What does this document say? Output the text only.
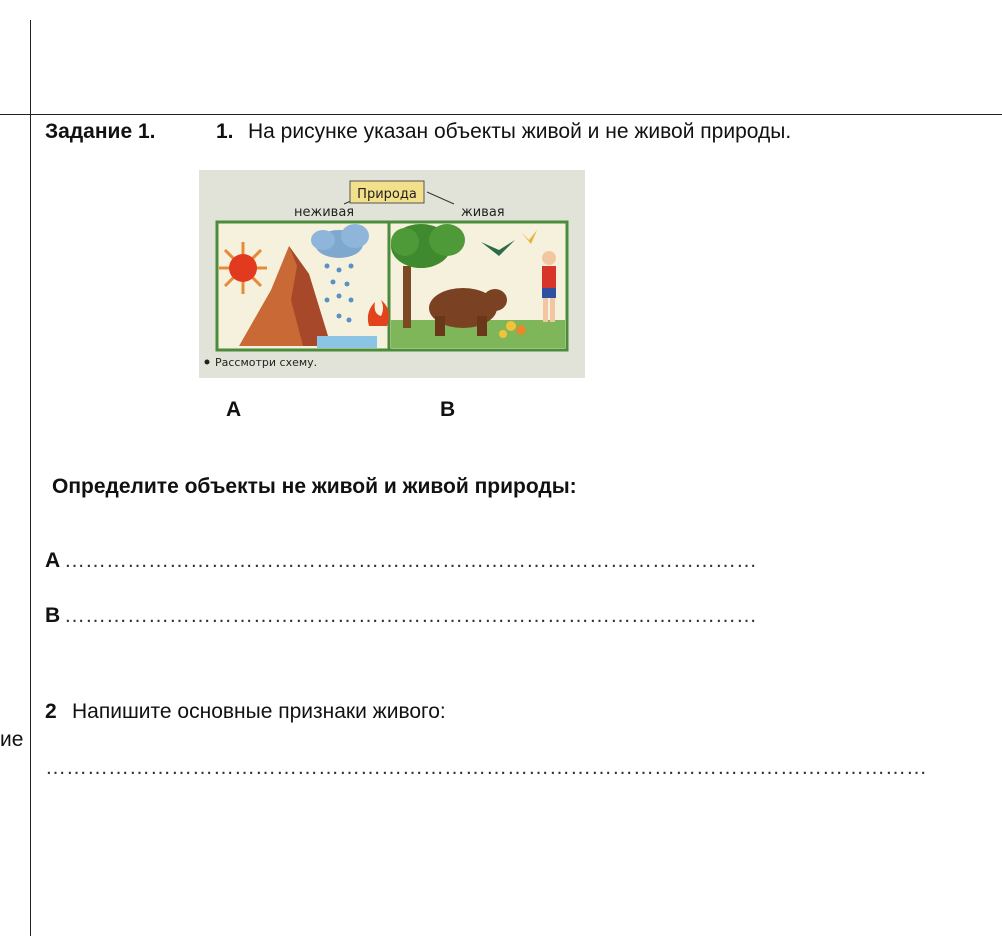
ие
Задание 1.	1. На рисунке указан объекты живой и не живой природы.
Природа
неживая	живая
Рассмотри схему.
А	В
Определите объекты не живой и живой природы:
А ………………………………………………………………………………………
В ………………………………………………………………………………………
2 Напишите основные признаки живого:
………………………………………………………………………………………………………………
